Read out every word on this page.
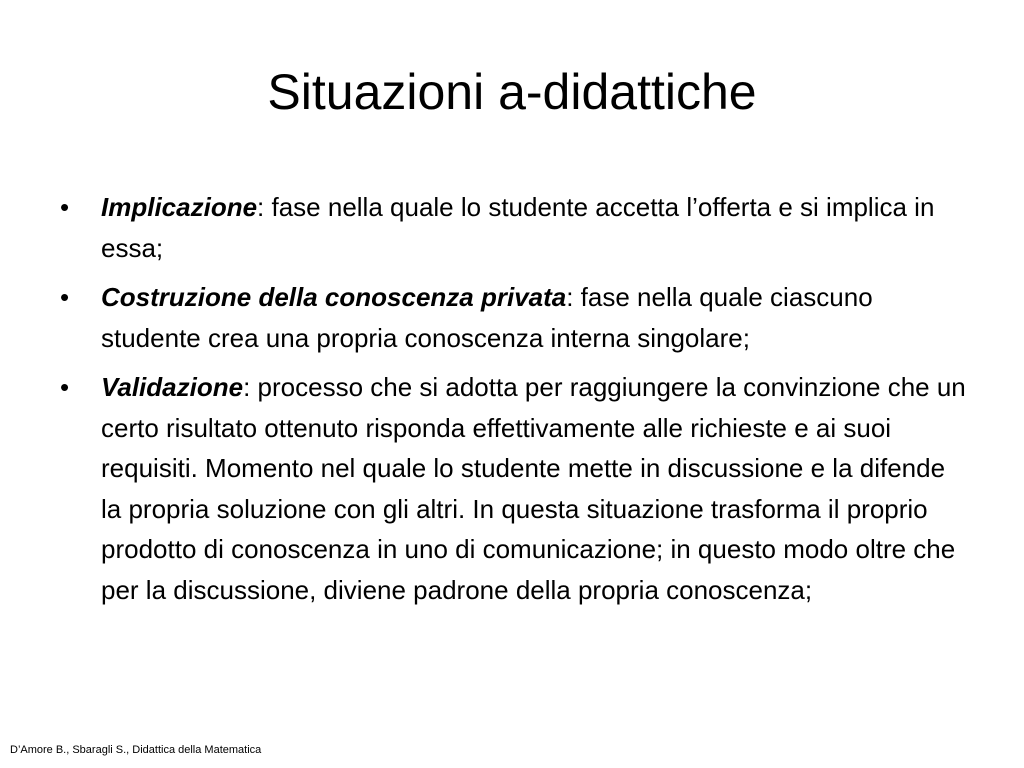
Situazioni a-didattiche
•	Implicazione: fase nella quale lo studente accetta l’offerta e si implica in essa;
•	Costruzione della conoscenza privata: fase nella quale ciascuno studente crea una propria conoscenza interna singolare;
•	Validazione: processo che si adotta per raggiungere la convinzione che un certo risultato ottenuto risponda effettivamente alle richieste e ai suoi requisiti. Momento nel quale lo studente mette in discussione e la difende la propria soluzione con gli altri. In questa situazione trasforma il proprio prodotto di conoscenza in uno di comunicazione; in questo modo oltre che per la discussione, diviene padrone della propria conoscenza;
D’Amore B., Sbaragli S., Didattica della Matematica
